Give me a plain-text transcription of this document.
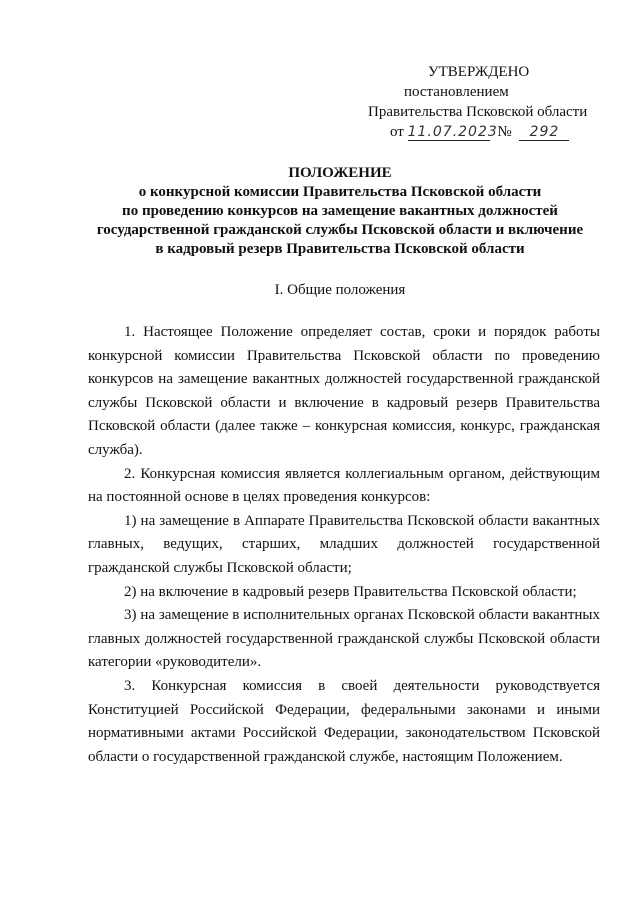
УТВЕРЖДЕНО
постановлением
Правительства Псковской области
от 11.07.2023 № 292
ПОЛОЖЕНИЕ
о конкурсной комиссии Правительства Псковской области
по проведению конкурсов на замещение вакантных должностей
государственной гражданской службы Псковской области и включение
в кадровый резерв Правительства Псковской области
I. Общие положения

1. Настоящее Положение определяет состав, сроки и порядок работы конкурсной комиссии Правительства Псковской области по проведению конкурсов на замещение вакантных должностей государственной гражданской службы Псковской области и включение в кадровый резерв Правительства Псковской области (далее также – конкурсная комиссия, конкурс, гражданская служба).

2. Конкурсная комиссия является коллегиальным органом, действующим на постоянной основе в целях проведения конкурсов:

1) на замещение в Аппарате Правительства Псковской области вакантных главных, ведущих, старших, младших должностей государственной гражданской службы Псковской области;

2) на включение в кадровый резерв Правительства Псковской области;

3) на замещение в исполнительных органах Псковской области вакантных главных должностей государственной гражданской службы Псковской области категории «руководители».

3. Конкурсная комиссия в своей деятельности руководствуется Конституцией Российской Федерации, федеральными законами и иными нормативными актами Российской Федерации, законодательством Псковской области о государственной гражданской службе, настоящим Положением.
